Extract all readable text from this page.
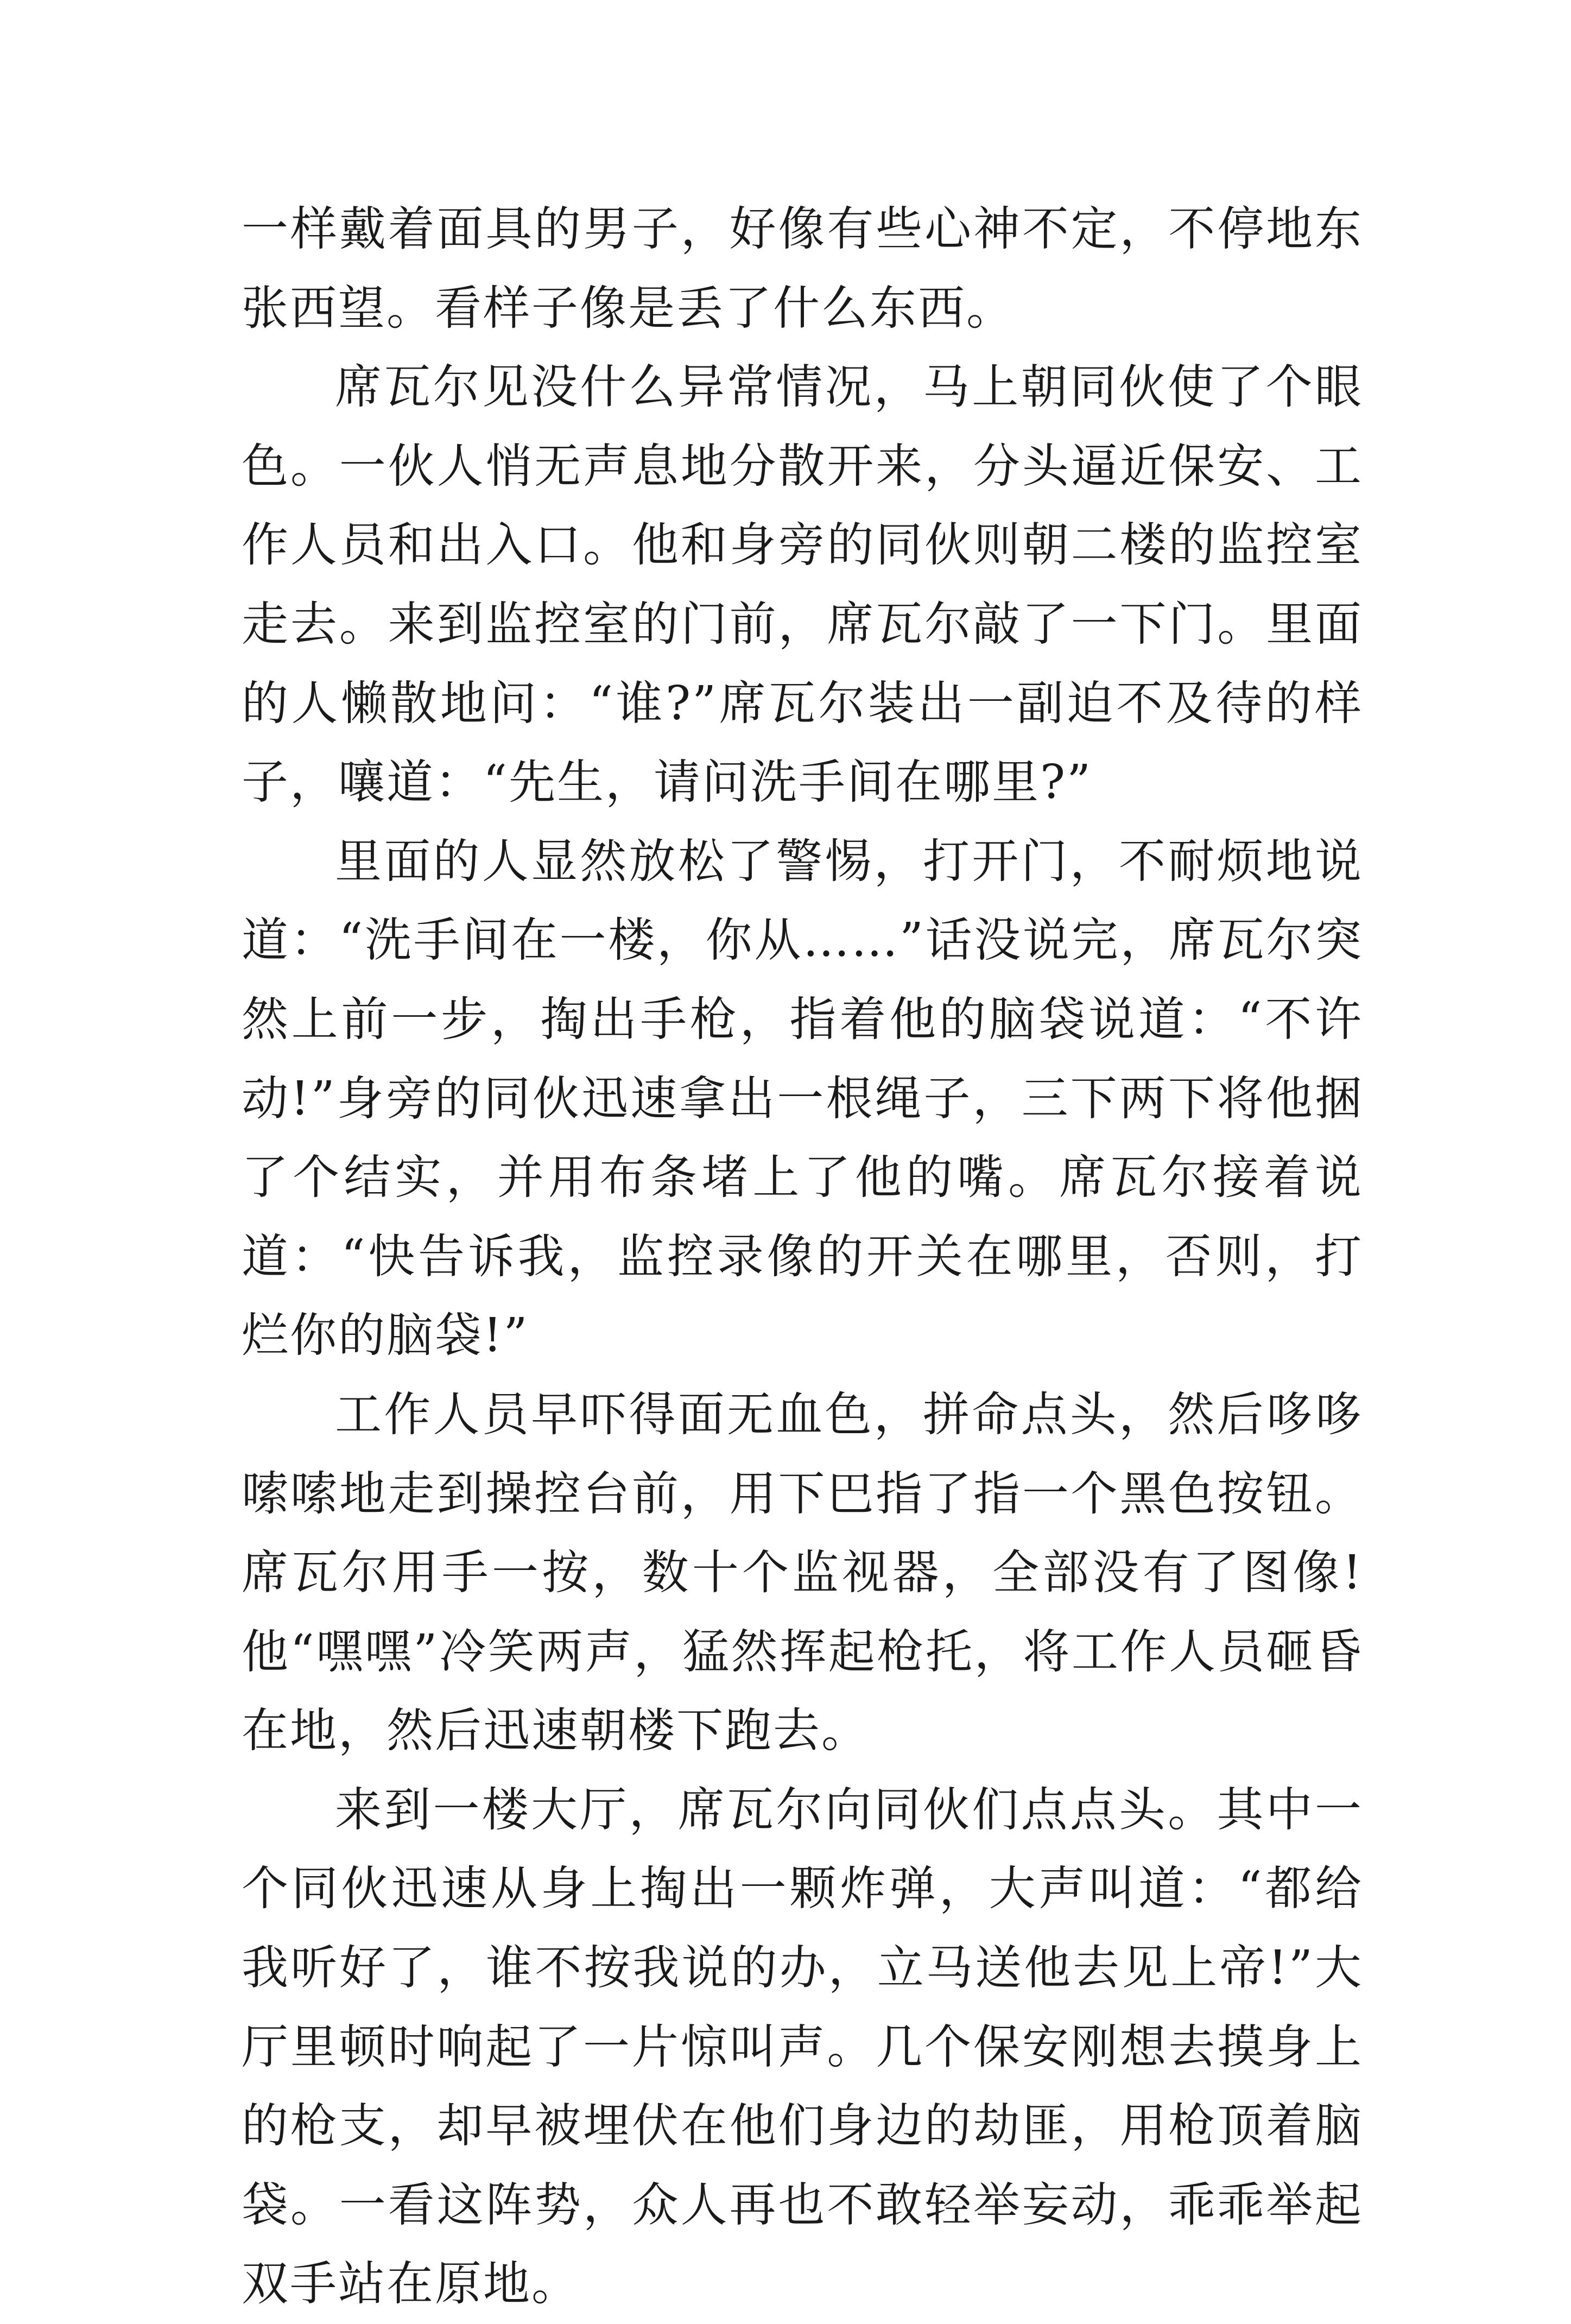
一样戴着面具的男子，好像有些心神不定，不停地东张西望。看样子像是丢了什么东西。

席瓦尔见没什么异常情况，马上朝同伙使了个眼色。一伙人悄无声息地分散开来，分头逼近保安、工作人员和出入口。他和身旁的同伙则朝二楼的监控室走去。来到监控室的门前，席瓦尔敲了一下门。里面的人懒散地问：“谁?”席瓦尔装出一副迫不及待的样子，嚷道：“先生，请问洗手间在哪里?”

里面的人显然放松了警惕，打开门，不耐烦地说道：“洗手间在一楼，你从……”话没说完，席瓦尔突然上前一步，掏出手枪，指着他的脑袋说道：“不许动!”身旁的同伙迅速拿出一根绳子，三下两下将他捆了个结实，并用布条堵上了他的嘴。席瓦尔接着说道：“快告诉我，监控录像的开关在哪里，否则，打烂你的脑袋!”

工作人员早吓得面无血色，拼命点头，然后哆哆嗦嗦地走到操控台前，用下巴指了指一个黑色按钮。席瓦尔用手一按，数十个监视器，全部没有了图像!他“嘿嘿”冷笑两声，猛然挥起枪托，将工作人员砸昏在地，然后迅速朝楼下跑去。

来到一楼大厅，席瓦尔向同伙们点点头。其中一个同伙迅速从身上掏出一颗炸弹，大声叫道：“都给我听好了，谁不按我说的办，立马送他去见上帝!”大厅里顿时响起了一片惊叫声。几个保安刚想去摸身上的枪支，却早被埋伏在他们身边的劫匪，用枪顶着脑袋。一看这阵势，众人再也不敢轻举妄动，乖乖举起双手站在原地。
